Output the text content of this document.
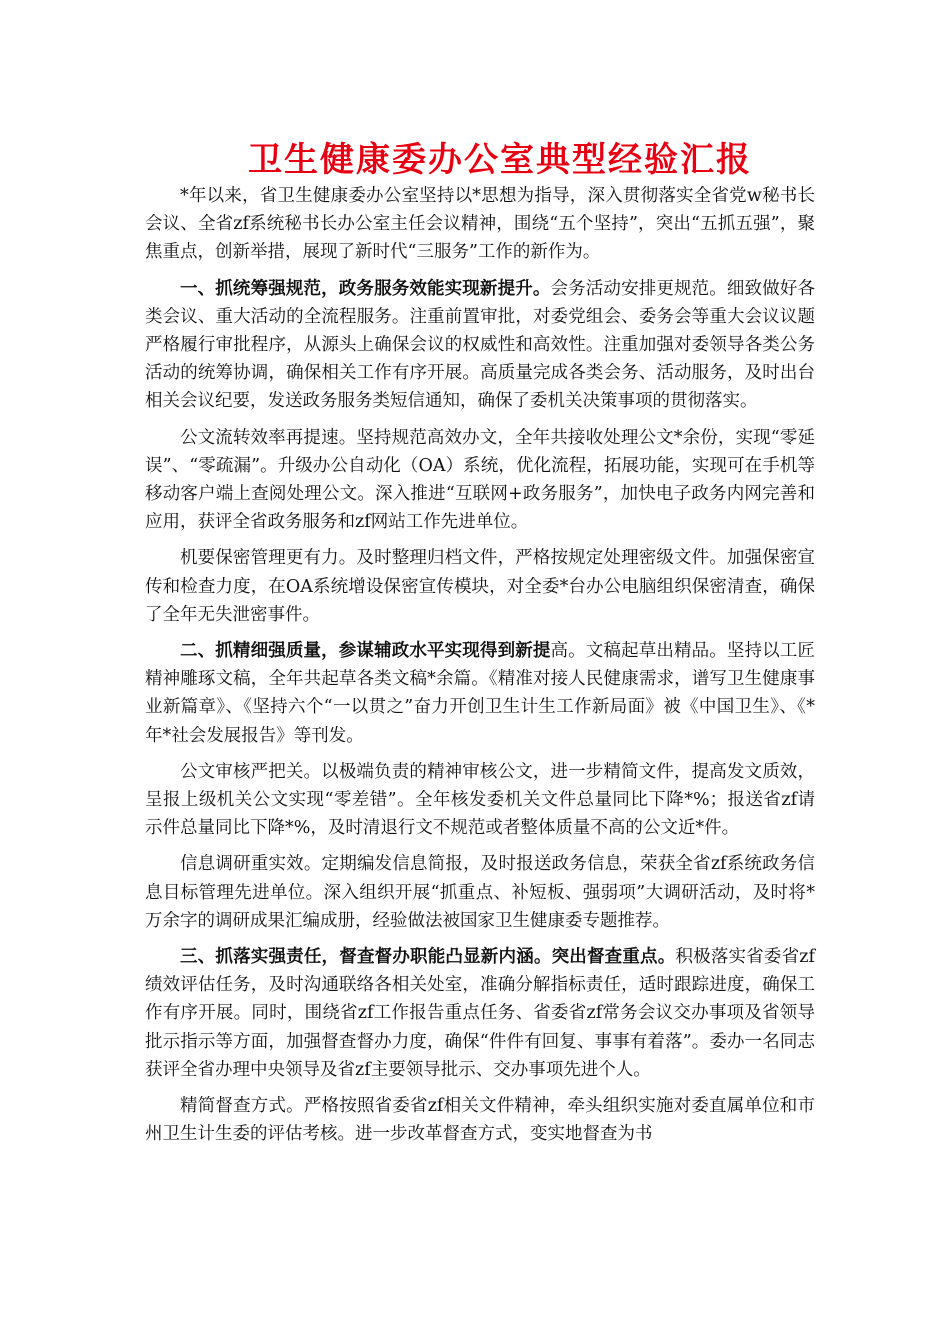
卫生健康委办公室典型经验汇报

*年以来，省卫生健康委办公室坚持以*思想为指导，深入贯彻落实全省党w秘书长会议、全省zf系统秘书长办公室主任会议精神，围绕“五个坚持”，突出“五抓五强”，聚焦重点，创新举措，展现了新时代“三服务”工作的新作为。

一、抓统筹强规范，政务服务效能实现新提升。会务活动安排更规范。细致做好各类会议、重大活动的全流程服务。注重前置审批，对委党组会、委务会等重大会议议题严格履行审批程序，从源头上确保会议的权威性和高效性。注重加强对委领导各类公务活动的统筹协调，确保相关工作有序开展。高质量完成各类会务、活动服务，及时出台相关会议纪要，发送政务服务类短信通知，确保了委机关决策事项的贯彻落实。

公文流转效率再提速。坚持规范高效办文，全年共接收处理公文*余份，实现“零延误”、“零疏漏”。升级办公自动化（OA）系统，优化流程，拓展功能，实现可在手机等移动客户端上查阅处理公文。深入推进“互联网+政务服务”，加快电子政务内网完善和应用，获评全省政务服务和zf网站工作先进单位。

机要保密管理更有力。及时整理归档文件，严格按规定处理密级文件。加强保密宣传和检查力度，在OA系统增设保密宣传模块，对全委*台办公电脑组织保密清查，确保了全年无失泄密事件。

二、抓精细强质量，参谋辅政水平实现得到新提高。文稿起草出精品。坚持以工匠精神雕琢文稿，全年共起草各类文稿*余篇。《精准对接人民健康需求，谱写卫生健康事业新篇章》、《坚持六个“一以贯之”奋力开创卫生计生工作新局面》被《中国卫生》、《*年*社会发展报告》等刊发。

公文审核严把关。以极端负责的精神审核公文，进一步精简文件，提高发文质效，呈报上级机关公文实现“零差错”。全年核发委机关文件总量同比下降*%；报送省zf请示件总量同比下降*%，及时清退行文不规范或者整体质量不高的公文近*件。

信息调研重实效。定期编发信息简报，及时报送政务信息，荣获全省zf系统政务信息目标管理先进单位。深入组织开展“抓重点、补短板、强弱项”大调研活动，及时将*万余字的调研成果汇编成册，经验做法被国家卫生健康委专题推荐。

三、抓落实强责任，督查督办职能凸显新内涵。突出督查重点。积极落实省委省zf绩效评估任务，及时沟通联络各相关处室，准确分解指标责任，适时跟踪进度，确保工作有序开展。同时，围绕省zf工作报告重点任务、省委省zf常务会议交办事项及省领导批示指示等方面，加强督查督办力度，确保“件件有回复、事事有着落”。委办一名同志获评全省办理中央领导及省zf主要领导批示、交办事项先进个人。

精简督查方式。严格按照省委省zf相关文件精神，牵头组织实施对委直属单位和市州卫生计生委的评估考核。进一步改革督查方式，变实地督查为书
